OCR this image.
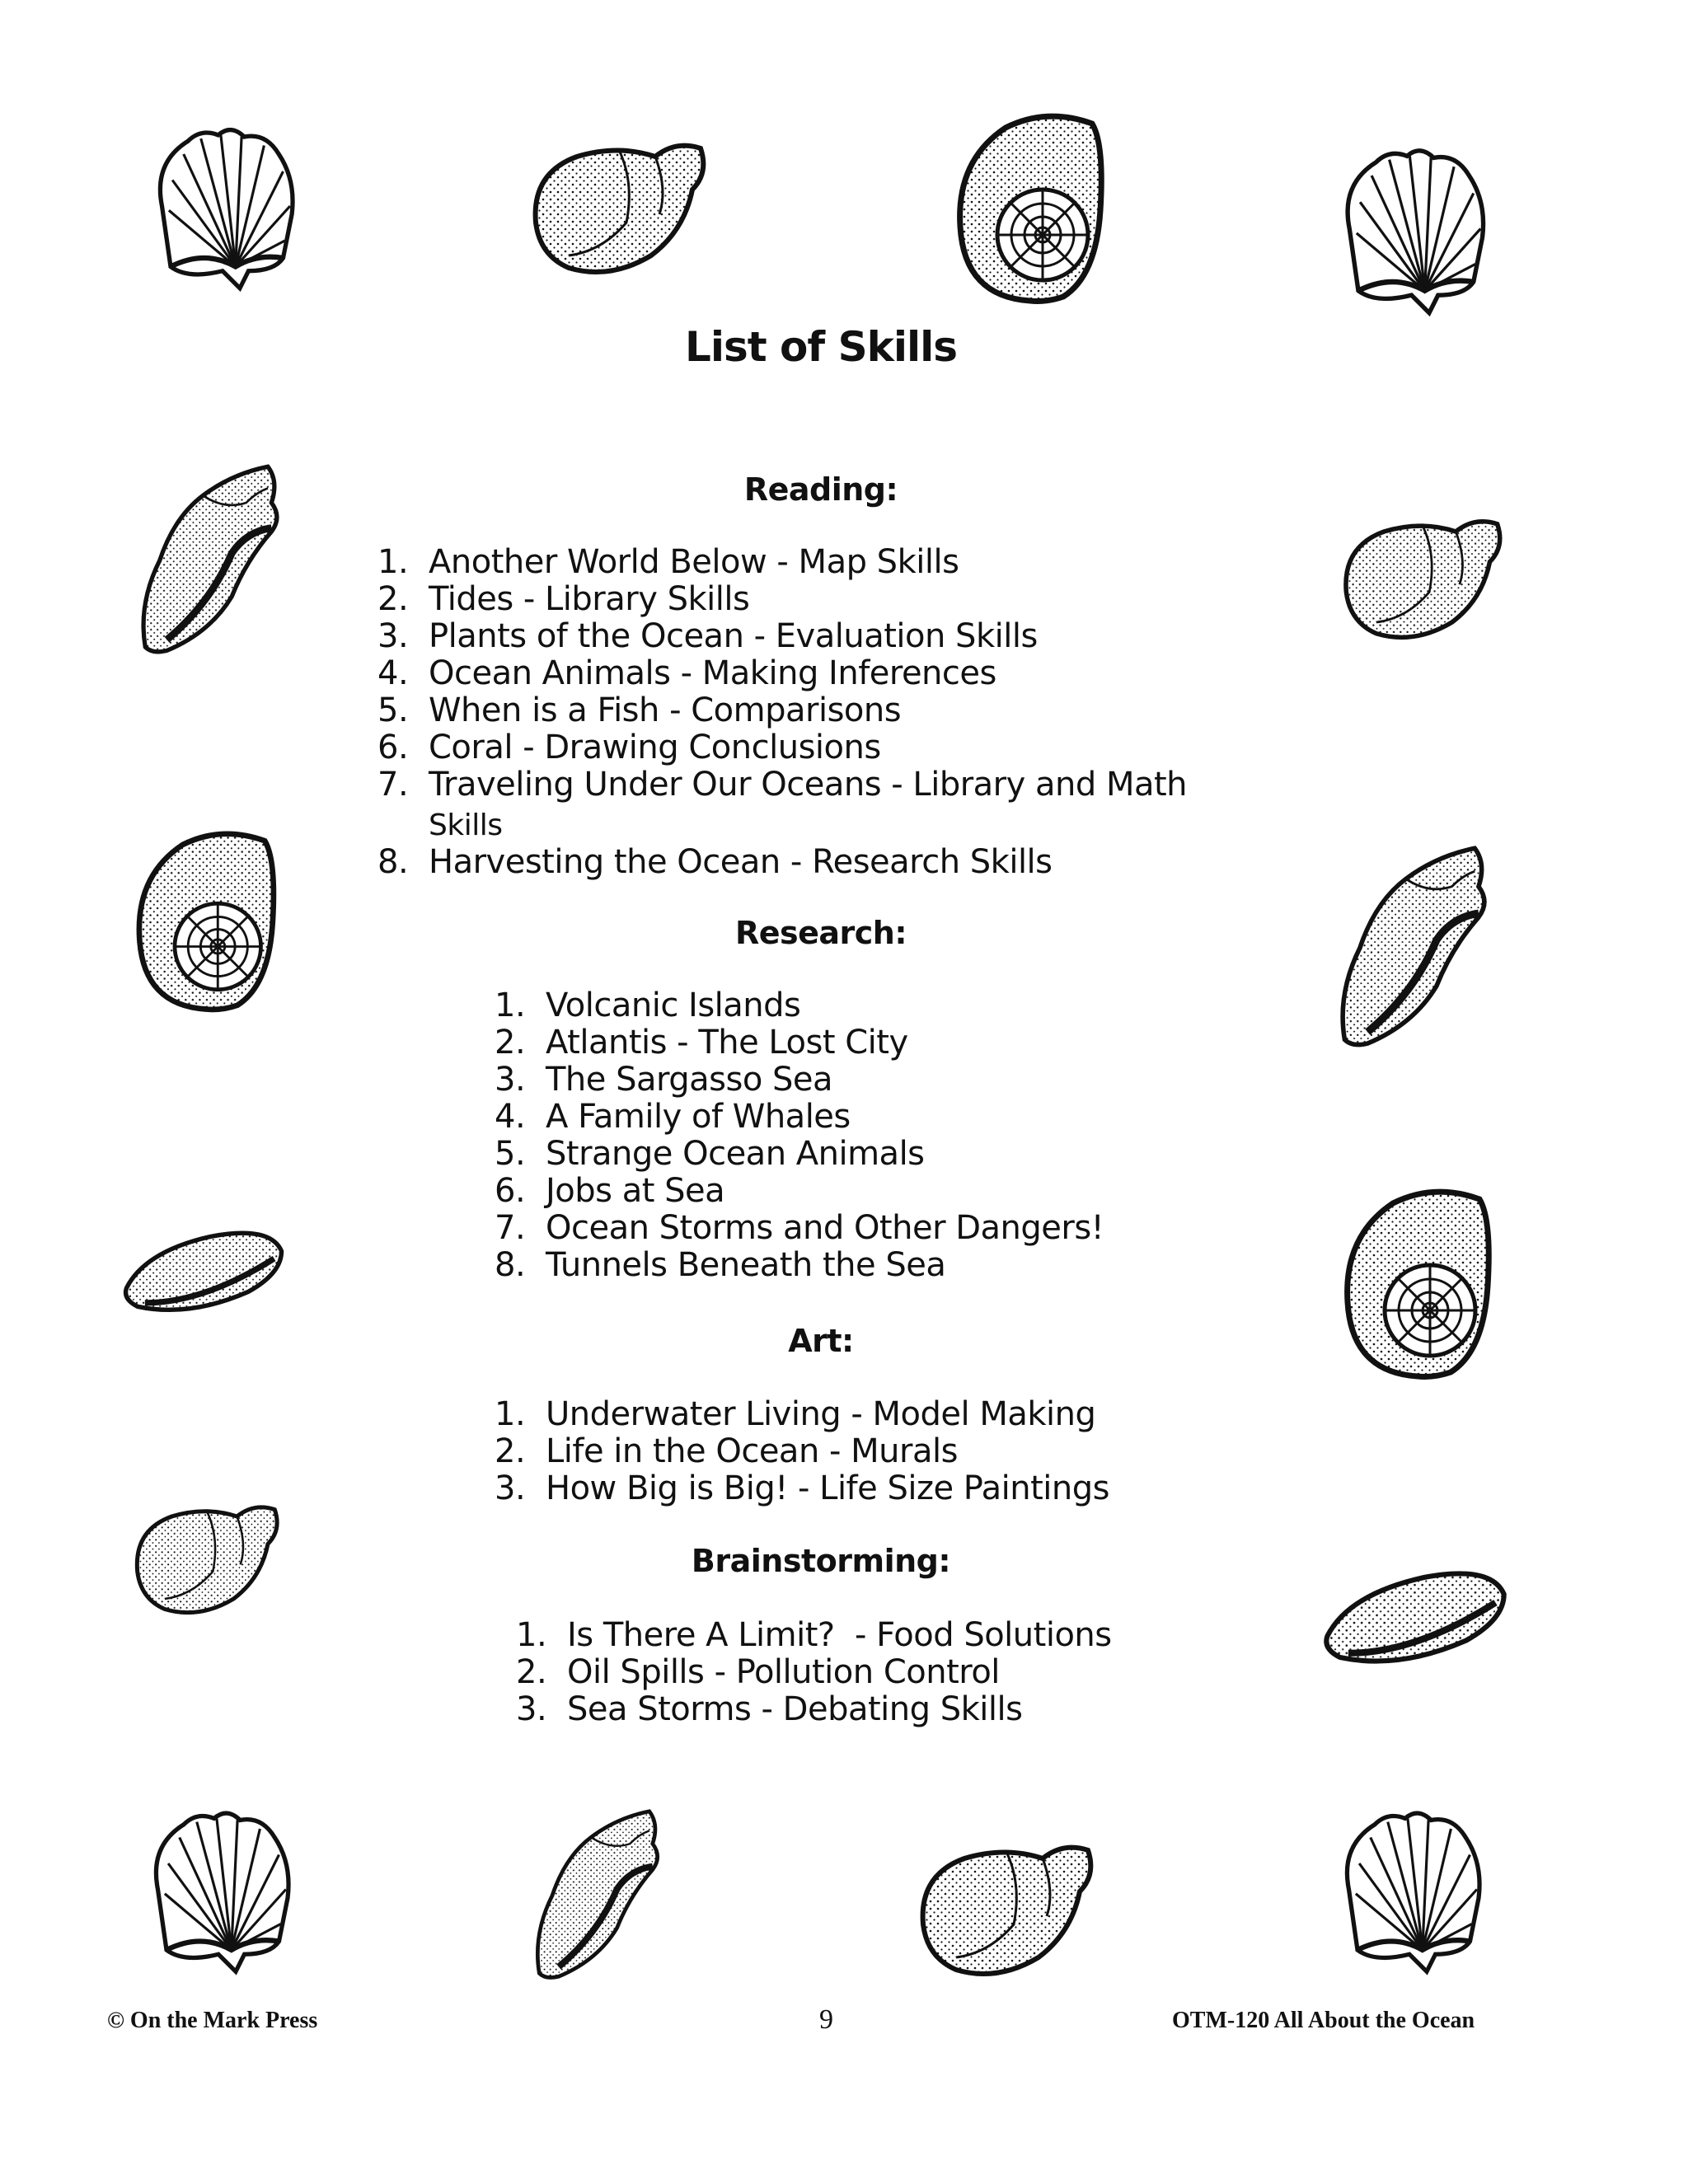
List of Skills
Reading:
1. Another World Below - Map Skills
2. Tides - Library Skills
3. Plants of the Ocean - Evaluation Skills
4. Ocean Animals - Making Inferences
5. When is a Fish - Comparisons
6. Coral - Drawing Conclusions
7. Traveling Under Our Oceans - Library and Math
Skills
8. Harvesting the Ocean - Research Skills
Research:
1. Volcanic Islands
2. Atlantis - The Lost City
3. The Sargasso Sea
4. A Family of Whales
5. Strange Ocean Animals
6. Jobs at Sea
7. Ocean Storms and Other Dangers!
8. Tunnels Beneath the Sea
Art:
1. Underwater Living - Model Making
2. Life in the Ocean - Murals
3. How Big is Big! - Life Size Paintings
Brainstorming:
1. Is There A Limit?  - Food Solutions
2. Oil Spills - Pollution Control
3. Sea Storms - Debating Skills
© On the Mark Press	9	OTM-120 All About the Ocean
